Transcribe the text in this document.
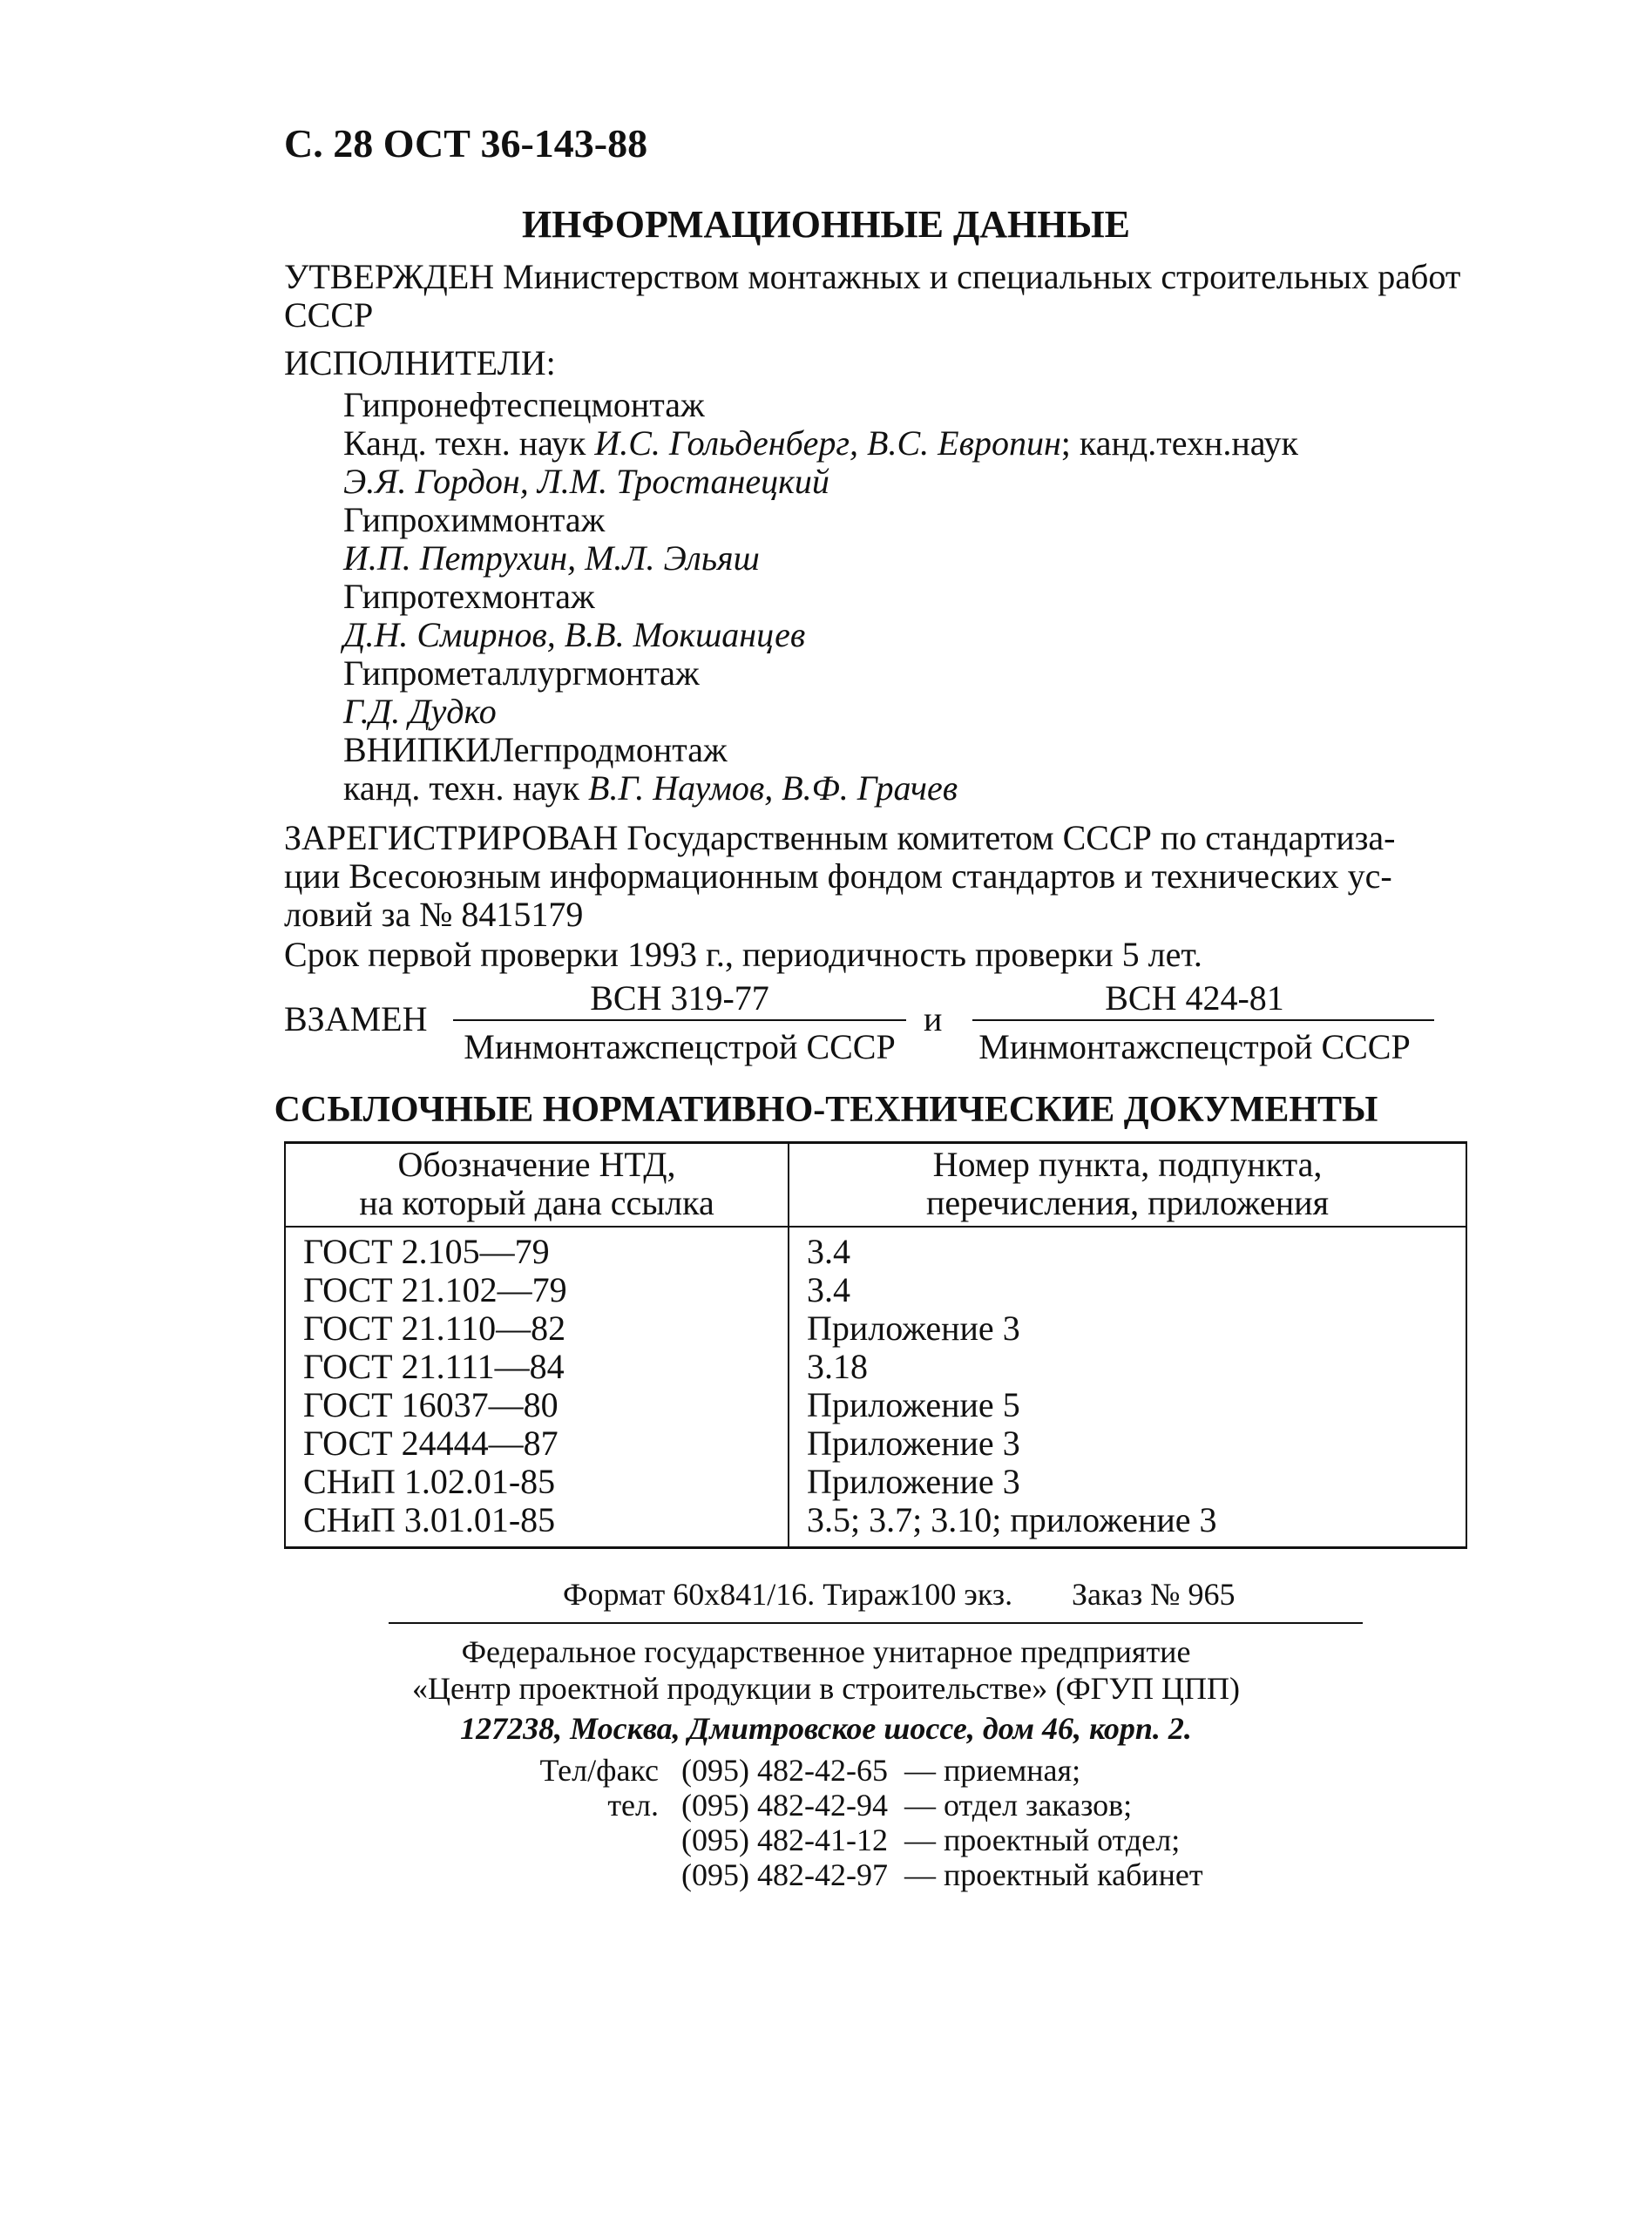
С. 28 ОСТ 36-143-88
ИНФОРМАЦИОННЫЕ ДАННЫЕ
УТВЕРЖДЕН Министерством монтажных и специальных строительных работ
СССР
ИСПОЛНИТЕЛИ:
Гипронефтеспецмонтаж
Канд. техн. наук И.С. Гольденберг, В.С. Европин; канд.техн.наук
Э.Я. Гордон, Л.М. Тростанецкий
Гипрохиммонтаж
И.П. Петрухин, М.Л. Эльяш
Гипротехмонтаж
Д.Н. Смирнов, В.В. Мокшанцев
Гипрометаллургмонтаж
Г.Д. Дудко
ВНИПКИЛегпродмонтаж
канд. техн. наук В.Г. Наумов, В.Ф. Грачев
ЗАРЕГИСТРИРОВАН Государственным комитетом СССР по стандартиза-
ции Всесоюзным информационным фондом стандартов и технических ус-
ловий за № 8415179
Срок первой проверки 1993 г., периодичность проверки 5 лет.
ВЗАМЕН
ВСН 319-77
Минмонтажспецстрой СССР
и
ВСН 424-81
Минмонтажспецстрой СССР
ССЫЛОЧНЫЕ НОРМАТИВНО-ТЕХНИЧЕСКИЕ ДОКУМЕНТЫ
Обозначение НТД,
на который дана ссылка	Номер пункта, подпункта,
перечисления, приложения
ГОСТ 2.105—79	3.4
ГОСТ 21.102—79	3.4
ГОСТ 21.110—82	Приложение 3
ГОСТ 21.111—84	3.18
ГОСТ 16037—80	Приложение 5
ГОСТ 24444—87	Приложение 3
СНиП 1.02.01-85	Приложение 3
СНиП 3.01.01-85	3.5; 3.7; 3.10; приложение 3
Формат 60x841/16. Тираж100 экз. Заказ № 965
Федеральное государственное унитарное предприятие
«Центр проектной продукции в строительстве» (ФГУП ЦПП)
127238, Москва, Дмитровское шоссе, дом 46, корп. 2.
Тел/факс (095) 482-42-65 — приемная;
тел. (095) 482-42-94 — отдел заказов;
(095) 482-41-12 — проектный отдел;
(095) 482-42-97 — проектный кабинет
